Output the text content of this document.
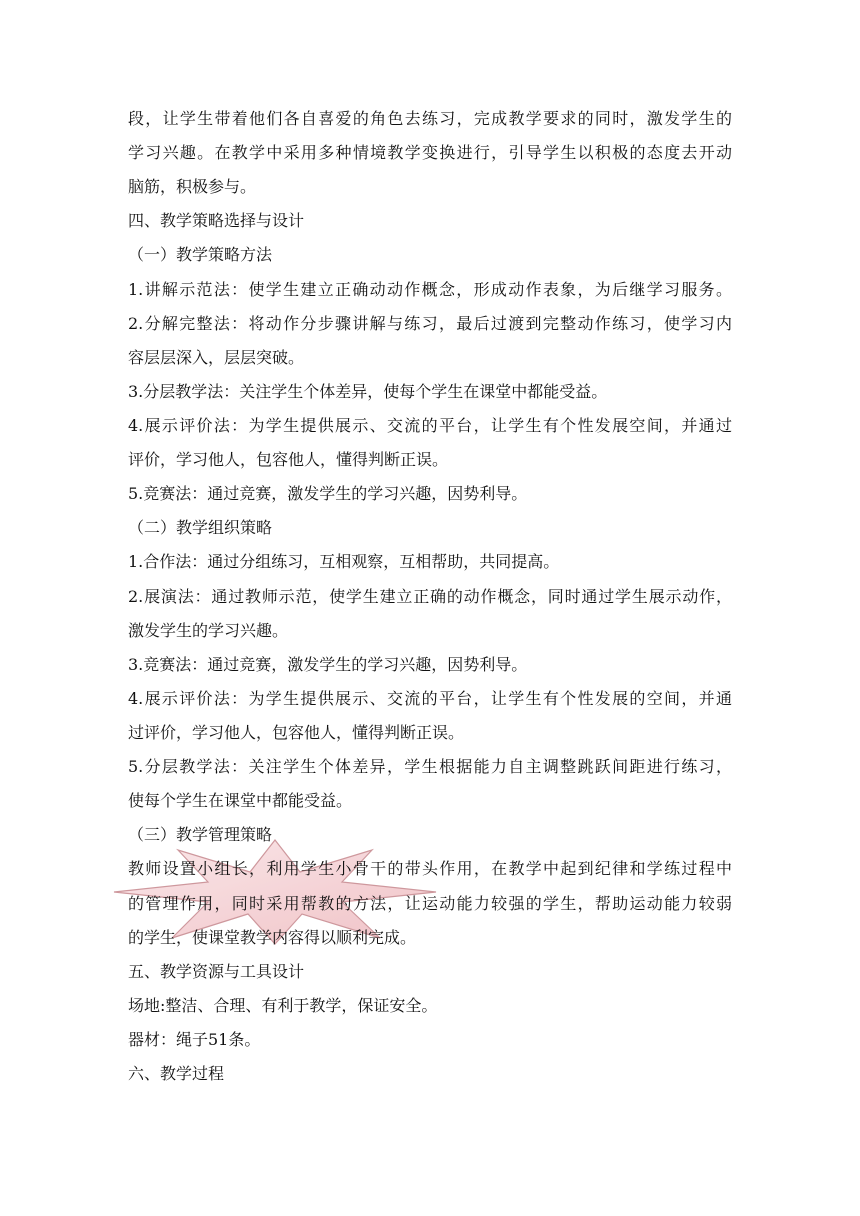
段，让学生带着他们各自喜爱的角色去练习，完成教学要求的同时，激发学生的
学习兴趣。在教学中采用多种情境教学变换进行，引导学生以积极的态度去开动
脑筋，积极参与。
四、教学策略选择与设计
（一）教学策略方法
1.讲解示范法：使学生建立正确动动作概念，形成动作表象，为后继学习服务。
2.分解完整法：将动作分步骤讲解与练习，最后过渡到完整动作练习，使学习内
容层层深入，层层突破。
3.分层教学法：关注学生个体差异，使每个学生在课堂中都能受益。
4.展示评价法：为学生提供展示、交流的平台，让学生有个性发展空间，并通过
评价，学习他人，包容他人，懂得判断正误。
5.竞赛法：通过竞赛，激发学生的学习兴趣，因势利导。
（二）教学组织策略
1.合作法：通过分组练习，互相观察，互相帮助，共同提高。
2.展演法：通过教师示范，使学生建立正确的动作概念，同时通过学生展示动作，
激发学生的学习兴趣。
3.竞赛法：通过竞赛，激发学生的学习兴趣，因势利导。
4.展示评价法：为学生提供展示、交流的平台，让学生有个性发展的空间，并通
过评价，学习他人，包容他人，懂得判断正误。
5.分层教学法：关注学生个体差异，学生根据能力自主调整跳跃间距进行练习，
使每个学生在课堂中都能受益。
（三）教学管理策略
教师设置小组长，利用学生小骨干的带头作用，在教学中起到纪律和学练过程中
的管理作用，同时采用帮教的方法，让运动能力较强的学生，帮助运动能力较弱
的学生，使课堂教学内容得以顺利完成。
五、教学资源与工具设计
场地:整洁、合理、有利于教学，保证安全。
器材：绳子51条。
六、教学过程
